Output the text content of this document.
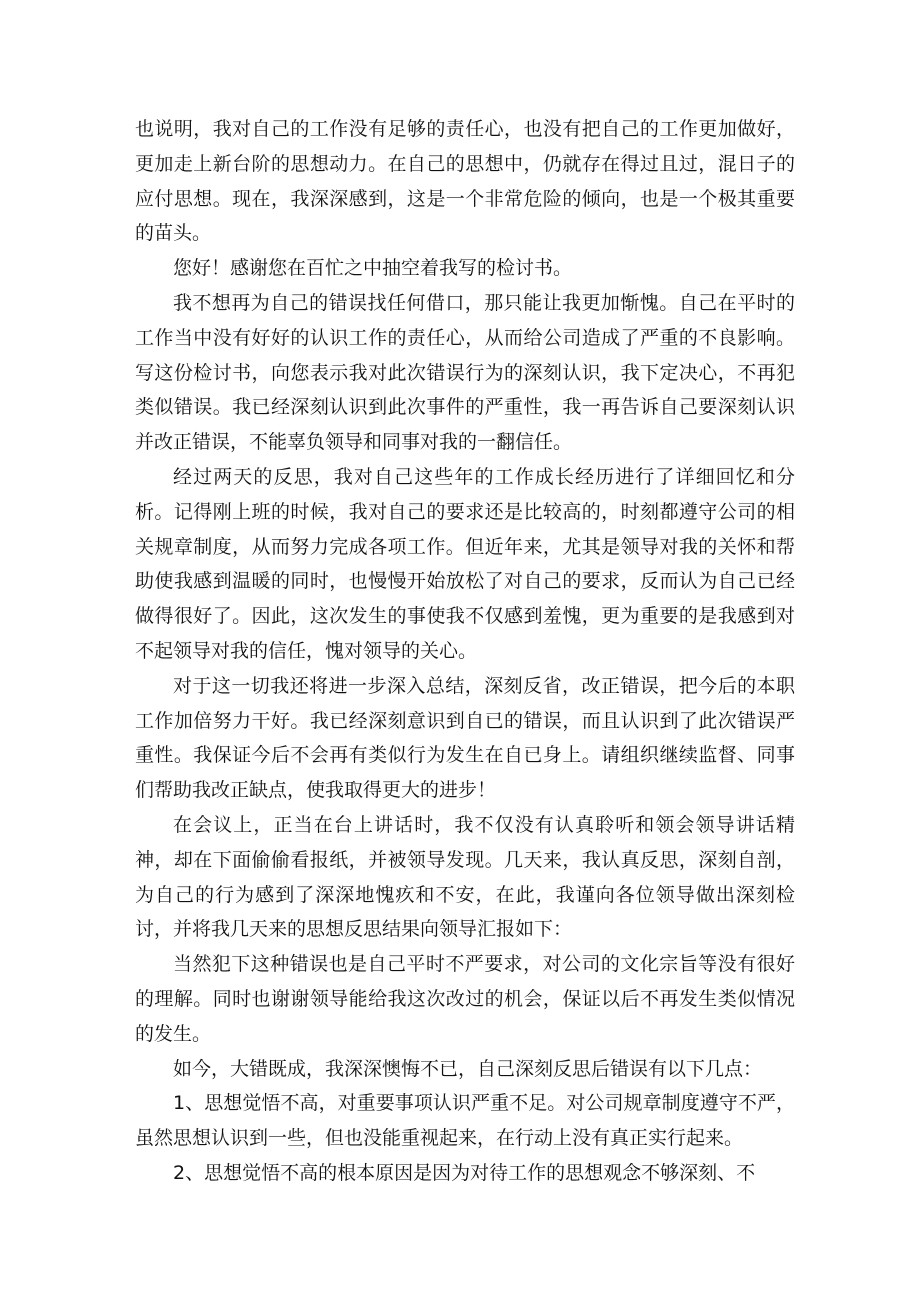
也说明，我对自己的工作没有足够的责任心，也没有把自己的工作更加做好，更加走上新台阶的思想动力。在自己的思想中，仍就存在得过且过，混日子的应付思想。现在，我深深感到，这是一个非常危险的倾向，也是一个极其重要的苗头。

您好！感谢您在百忙之中抽空着我写的检讨书。

我不想再为自己的错误找任何借口，那只能让我更加惭愧。自己在平时的工作当中没有好好的认识工作的责任心，从而给公司造成了严重的不良影响。写这份检讨书，向您表示我对此次错误行为的深刻认识，我下定决心，不再犯类似错误。我已经深刻认识到此次事件的严重性，我一再告诉自己要深刻认识并改正错误，不能辜负领导和同事对我的一翻信任。

经过两天的反思，我对自己这些年的工作成长经历进行了详细回忆和分析。记得刚上班的时候，我对自己的要求还是比较高的，时刻都遵守公司的相关规章制度，从而努力完成各项工作。但近年来，尤其是领导对我的关怀和帮助使我感到温暖的同时，也慢慢开始放松了对自己的要求，反而认为自己已经做得很好了。因此，这次发生的事使我不仅感到羞愧，更为重要的是我感到对不起领导对我的信任，愧对领导的关心。

对于这一切我还将进一步深入总结，深刻反省，改正错误，把今后的本职工作加倍努力干好。我已经深刻意识到自已的错误，而且认识到了此次错误严重性。我保证今后不会再有类似行为发生在自已身上。请组织继续监督、同事们帮助我改正缺点，使我取得更大的进步！

在会议上，正当在台上讲话时，我不仅没有认真聆听和领会领导讲话精神，却在下面偷偷看报纸，并被领导发现。几天来，我认真反思，深刻自剖，为自己的行为感到了深深地愧疚和不安，在此，我谨向各位领导做出深刻检讨，并将我几天来的思想反思结果向领导汇报如下：

当然犯下这种错误也是自己平时不严要求，对公司的文化宗旨等没有很好的理解。同时也谢谢领导能给我这次改过的机会，保证以后不再发生类似情况的发生。

如今，大错既成，我深深懊悔不已，自己深刻反思后错误有以下几点：

1、思想觉悟不高，对重要事项认识严重不足。对公司规章制度遵守不严，虽然思想认识到一些，但也没能重视起来，在行动上没有真正实行起来。

2、思想觉悟不高的根本原因是因为对待工作的思想观念不够深刻、不
